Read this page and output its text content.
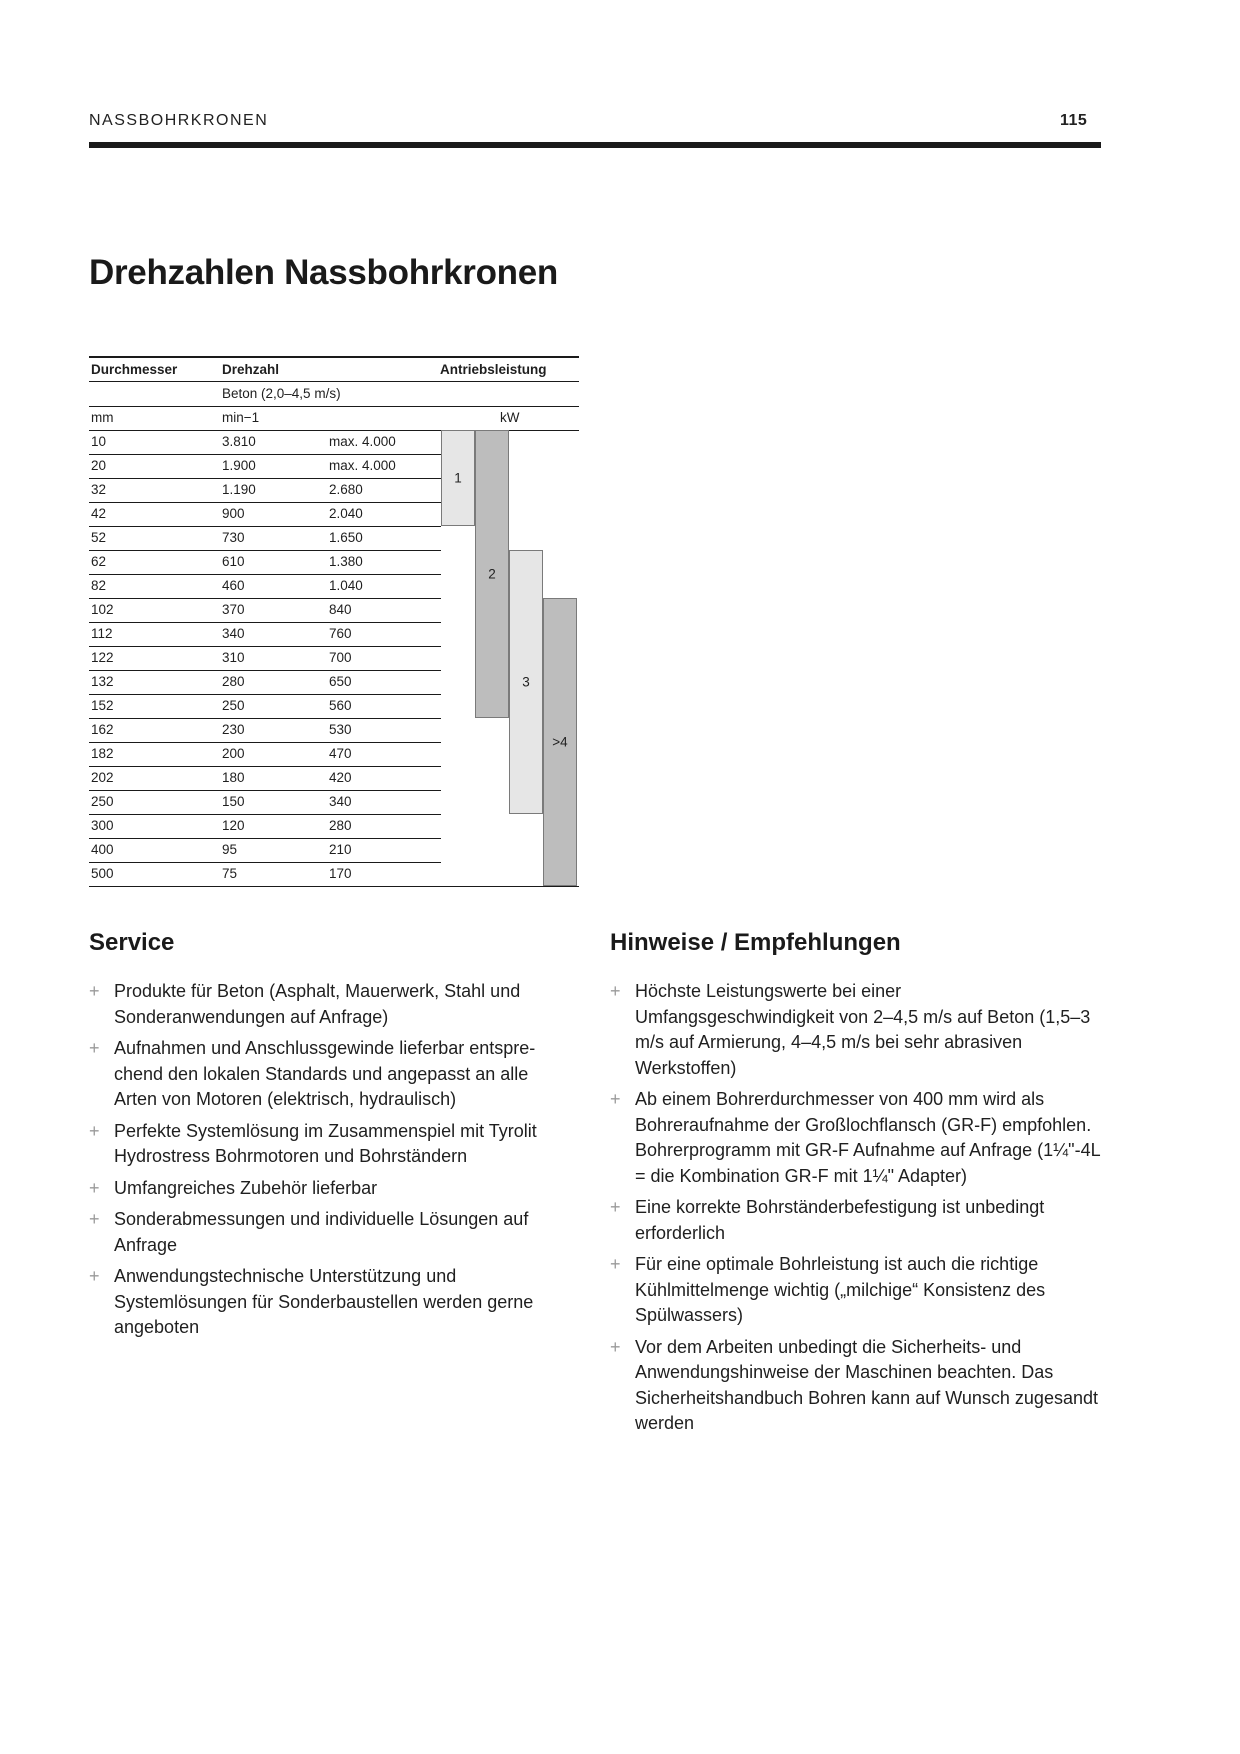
NASSBOHRKRONEN	115
Drehzahlen Nassbohrkronen
Durchmesser	Drehzahl	Antriebsleistung
Beton (2,0–4,5 m/s)
mm	min−1	kW
1
2
3
>4
10	3.810	max. 4.000
20	1.900	max. 4.000
32	1.190	2.680
42	900	2.040
52	730	1.650
62	610	1.380
82	460	1.040
102	370	840
112	340	760
122	310	700
132	280	650
152	250	560
162	230	530
182	200	470
202	180	420
250	150	340
300	120	280
400	95	210
500	75	170
Service
+ Produkte für Beton (Asphalt, Mauerwerk, Stahl und Sonderanwendungen auf Anfrage)
+ Aufnahmen und Anschlussgewinde lieferbar entsprechend den lokalen Standards und angepasst an alle Arten von Motoren (elektrisch, hydraulisch)
+ Perfekte Systemlösung im Zusammenspiel mit Tyrolit Hydrostress Bohrmotoren und Bohrständern
+ Umfangreiches Zubehör lieferbar
+ Sonderabmessungen und individuelle Lösungen auf Anfrage
+ Anwendungstechnische Unterstützung und Systemlösungen für Sonderbaustellen werden gerne angeboten
Hinweise / Empfehlungen
+ Höchste Leistungswerte bei einer Umfangsgeschwindigkeit von 2–4,5 m/s auf Beton (1,5–3 m/s auf Armierung, 4–4,5 m/s bei sehr abrasiven Werkstoffen)
+ Ab einem Bohrerdurchmesser von 400 mm wird als Bohreraufnahme der Großlochflansch (GR-F) empfohlen. Bohrerprogramm mit GR-F Aufnahme auf Anfrage (1¼"-4L = die Kombination GR-F mit 1¼" Adapter)
+ Eine korrekte Bohrständerbefestigung ist unbedingt erforderlich
+ Für eine optimale Bohrleistung ist auch die richtige Kühlmittelmenge wichtig („milchige“ Konsistenz des Spülwassers)
+ Vor dem Arbeiten unbedingt die Sicherheits- und Anwendungshinweise der Maschinen beachten. Das Sicherheitshandbuch Bohren kann auf Wunsch zugesandt werden
